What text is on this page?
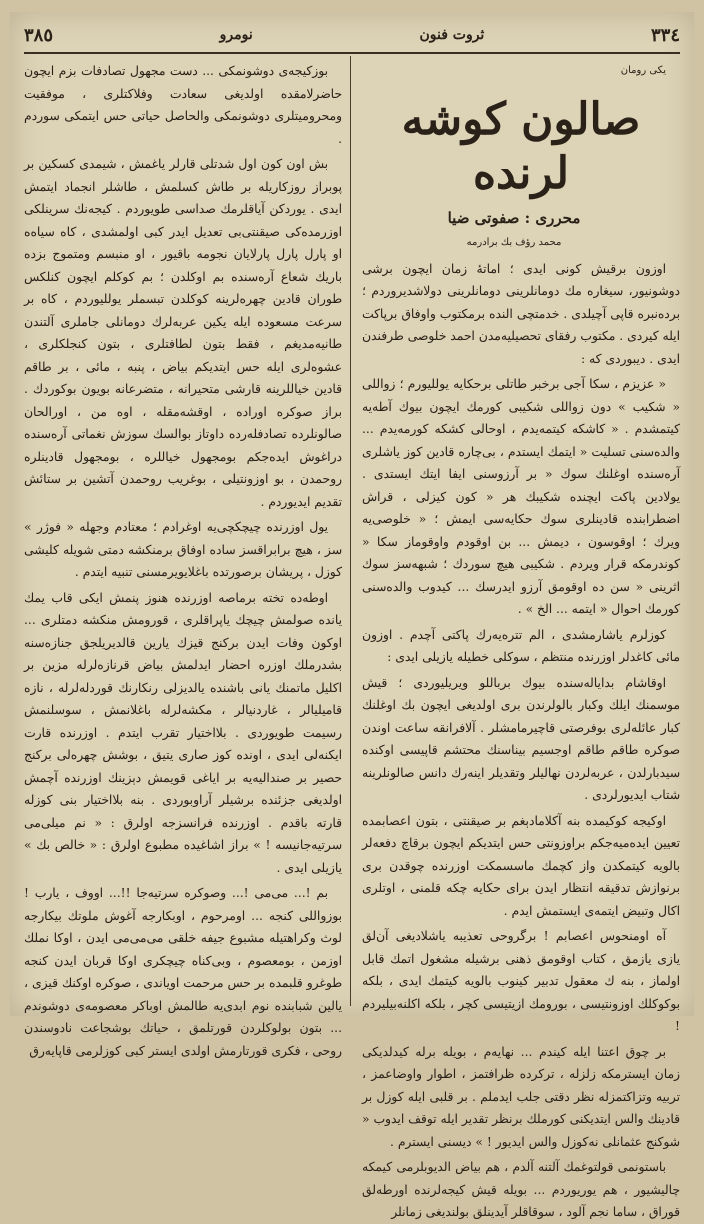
٣٣٤
ثروت فنون
نومرو
٣٨٥

يكى رومان

صالون كوشه لرنده

محررى : صفوتى ضيا

محمد رؤف بك برادرمه

اوزون برقيش كونى ايدى ؛ اماتهٔ زمان ايچون برشى دوشونيور، سيغاره مك دومانلرينى دومانلرينى دولاشديروردم ؛ برده‌نبره قاپى آچيلدى . خدمتچى الندە برمكتوب واوفاق برپاكت ايله كيردى . مكتوب رفقاى تحصيليه‌مدن احمد خلوصى طرفندن ايدى . ديبوردى كه :

« عزيزم ، سكا آجى برخبر طاتلى برحكايه يولليورم ؛ زواللى « شكيب » دون زواللى شكيبى كورمك ايچون بيوك آطه‌يه كيتمشدم . « كاشكه كيتمه‌يدم ، اوحالى كشكه كورمه‌يدم ... والده‌سنى تسليت « ايتمك ايستدم ، بى‌چاره قادين كوز ياشلرى آره‌سنده اوغلنك سوك « بر آرزوسنى ايفا ايتك ايستدى . يولادين پاكت ايچنده شكيبك هر « كون كيزلى ، قراش اضطرابنده قادينلرى سوك حكايه‌سى ايمش ؛ « خلوصى‌يه ويرك ؛ اوقوسون ، ديمش ... بن اوقودم واوقوماز سكا « كوندرمكه قرار ويردم . شكيبى هيچ سوردك ؛ شبهه‌سز سوك اثرينى « سن ده اوقومق آرزو ايدرسك ... كيدوب والده‌سنى كورمك احوال « ايتمه ... الخ » .

كوزلرم ياشارمشدى ، الم تتره‌يه‌رك پاكتى آچدم . اوزون مائى كاغدلر اوزرنده منتظم ، سوكلى خطيله يازيلى ايدى :

اوقاشام بداياله‌سنده بيوك برباللو ويريليوردى ؛ قيش موسمنك ايلك وكبار بالولرندن برى اولديغى ايچون بك اوغلنك كبار عائله‌لرى بوفرصتى قاچيرمامشلر . آلافرانقه ساعت اوندن صوكره طاقم طاقم اوجسيم بيناسنك محتشم قاپيسى اوكنده سيدبارلدن ، عربه‌لردن نهاليلر وتقديلر اينه‌رك دانس صالونلرينه شتاب ايديورلردى .

اوكيجه كوكيمده بنه آكلامادېغم بر صيقنتى ، بتون اعصابمده تعيين ايده‌ميه‌جكم براوزونتى حس ايتديكم ايچون برقاچ دفعه‌لر بالويه كيتمكدن واز كچمك ماسسمكت اوزرنده چوقدن برى برنوازش تدقيقه انتظار ايدن براى حكايه چكه قلمنى ، اوتلرى اكال وتبيض ايتمه‌ى ايستمش ايدم .

آه اومنحوس اعصابم ! برگروحى تعذيبه ياشلاديغى آن‌لق يازى يازمق ، كتاب اوقومق ذهنى برشيله مشغول اتمك قابل اولماز ، بنه ك معقول تدبير كينوب بالويه كيتمك ايدى ، بلكه بوكوكلك اوزونتيسى ، بورومك ازيتيسى كچر ، بلكه اكلنه‌بيليردم !

بر چوق اعتنا ايله كيندم ... نهايه‌م ، بويله برله كيدلديكى زمان ايسترمكه زلزله ، تركرده ظرافتمز ، اطوار واوضاعمز ، تربيه وتزاكتمزله نظر دقتى جلب ايدملم . بر قلبى ايله كوزل بر قادينك والس ايتديكنى كورملك برنظر تقدير ايله توقف ايدوب « شوكنج عثمانلى نه‌كوزل والس ايديور ! » ديسنى ايسترم .

باستونمى قولتوغمك آلتنه آلدم ، هم بياض الديوبلرمى كيمكه چاليشيور ، هم يوريوردم ... بويله قيش كيجه‌لرنده اورطه‌لق قوراق ، ساما نجم آلود ، سوقاقلر آيدينلق بولنديغى زمانلر

بوزكيجه‌ى دوشونمكى ... دست مجهول تصادفات بزم ايچون حاضرلامقده اولديغى سعادت وفلاكتلرى ، موفقيت ومحروميتلرى دوشونمكى والحاصل حياتى حس ايتمكى سوردم .

بش اون كون اول شدتلى قارلر ياغمش ، شيمدى كسكين بر پوبراز روزكاريله بر طاش كسلمش ، طاشلر انجماد ايتمش ايدى . يوردكن آياقلرمك صداسى طويوردم . كيجه‌نك سرينلكى اوزرمده‌كى صيقنتى‌بى تعديل ايدر كبى اولمشدى ، كاه سياه‌ه او پارل پارل پارلايان نجومه باقيور ، او منبسم ومتموج بزده باريك شعاع آره‌سنده بم اوكلدن ؛ بم كوكلم ايچون كنلكس طوران قادين چهره‌لرينه كوكلدن تبسملر يولليوردم ، كاه بر سرعت مسعوده ايله يكين عربه‌لرك دومانلى جاملرى آلتندن طانيه‌مديغم ، فقط بتون لطافتلرى ، بتون كنجلكلرى ، عشوه‌لرى ايله حس ايتديكم بياض ، پنبه ، مائى ، بر طاقم قادين خياللرينه قارشى متحيرانه ، متضرعانه بويون بوكوردك . براز صوكره اورادە ، اوقشه‌مقله ، اوه من ، اورالحان صالونلرده تصادفله‌رده داوتاز بوالسك سوزش نغماتى آره‌سنده دراغوش ايده‌جكم بو‌مجهول خياللره ، بو‌مجهول قادينلره روحمدن ، بو اوزونتيلى ، بوغريب روحمدن آتشين بر ستائش تقديم ايديوردم .

يول اوزرنده چيچكچى‌يه اوغرادم ؛ معتادم وجهله « فوژر » سز ، هيچ برابراقسز ساده اوفاق برمنكشه دمتى شويله كليشى كوزل ، پريشان برصورتده باغلايويرمسنى تنبيه ايتدم .

اوطه‌ده تخته برماصه اوزرنده هنوز پنمش ايكى قاب يمك يانده صولمش چيچك ياپراقلرى ، قورومش منكشه دمتلرى ... اوكون وفات ايدن بركنج قيزك يارين قالديريلجق جنازه‌سنه بشدرملك اوزره احضار ايدلمش بياض قرنازه‌لرله مزين بر اكليل ماتمنك يانى باشنده يالديزلى رنكارنك قوردله‌لرله ، نازه قاميليالر ، غاردنيالر ، مكشه‌لرله باغلانمش ، سوسلنمش رسيمت طويوردى . بلااختيار تقرب ايتدم . اوزرنده قارت ايكنه‌لى ايدى ، اونده كوز صارى يتيق ، بوشش چهره‌لى بركنج حصير بر صنداليه‌يه بر اياغى قويمش دېزينك اوزرنده آچمش اولديغى جزئنده برشيلر آراوبوردى . بنه بلااختيار بنى كوزله قارته باقدم . اوزرنده فرانسزجه اولرق : « نم ميلى‌مى سرتيه‌جانيسه ! » براز اشاغيده مطبوع اولرق : « خالص بك » يازيلى ايدى .

بم !... مى‌مى !... وصوكره سرتيه‌جا !!... اووف ، يارب ! بوزواللى كنجه ... اومرحوم ، اوبكارجه آغوش ملوتك بيكارجه لوث وكراهتيله مشبوع جيفه خلقى مى‌مى‌مى ايدن ، اوكا نملك اوزمن ، بومعصوم ، وبى‌كناه چيچكرى اوكا قربان ايدن كنجه طوغرو قلبمده بر حس مرحمت اوياندى ، صوكره اوكنك قيزى ، يالين شبابنده نوم ابدى‌يه طالمش اوباكر معصومه‌ى دوشوندم ... بتون بولوكلردن قورتلمق ، حياتك بوشجاعت نادوسندن روحى ، فكرى قورتارمش اولدى ايستر كبى كوزلرمى قاپايه‌رق
